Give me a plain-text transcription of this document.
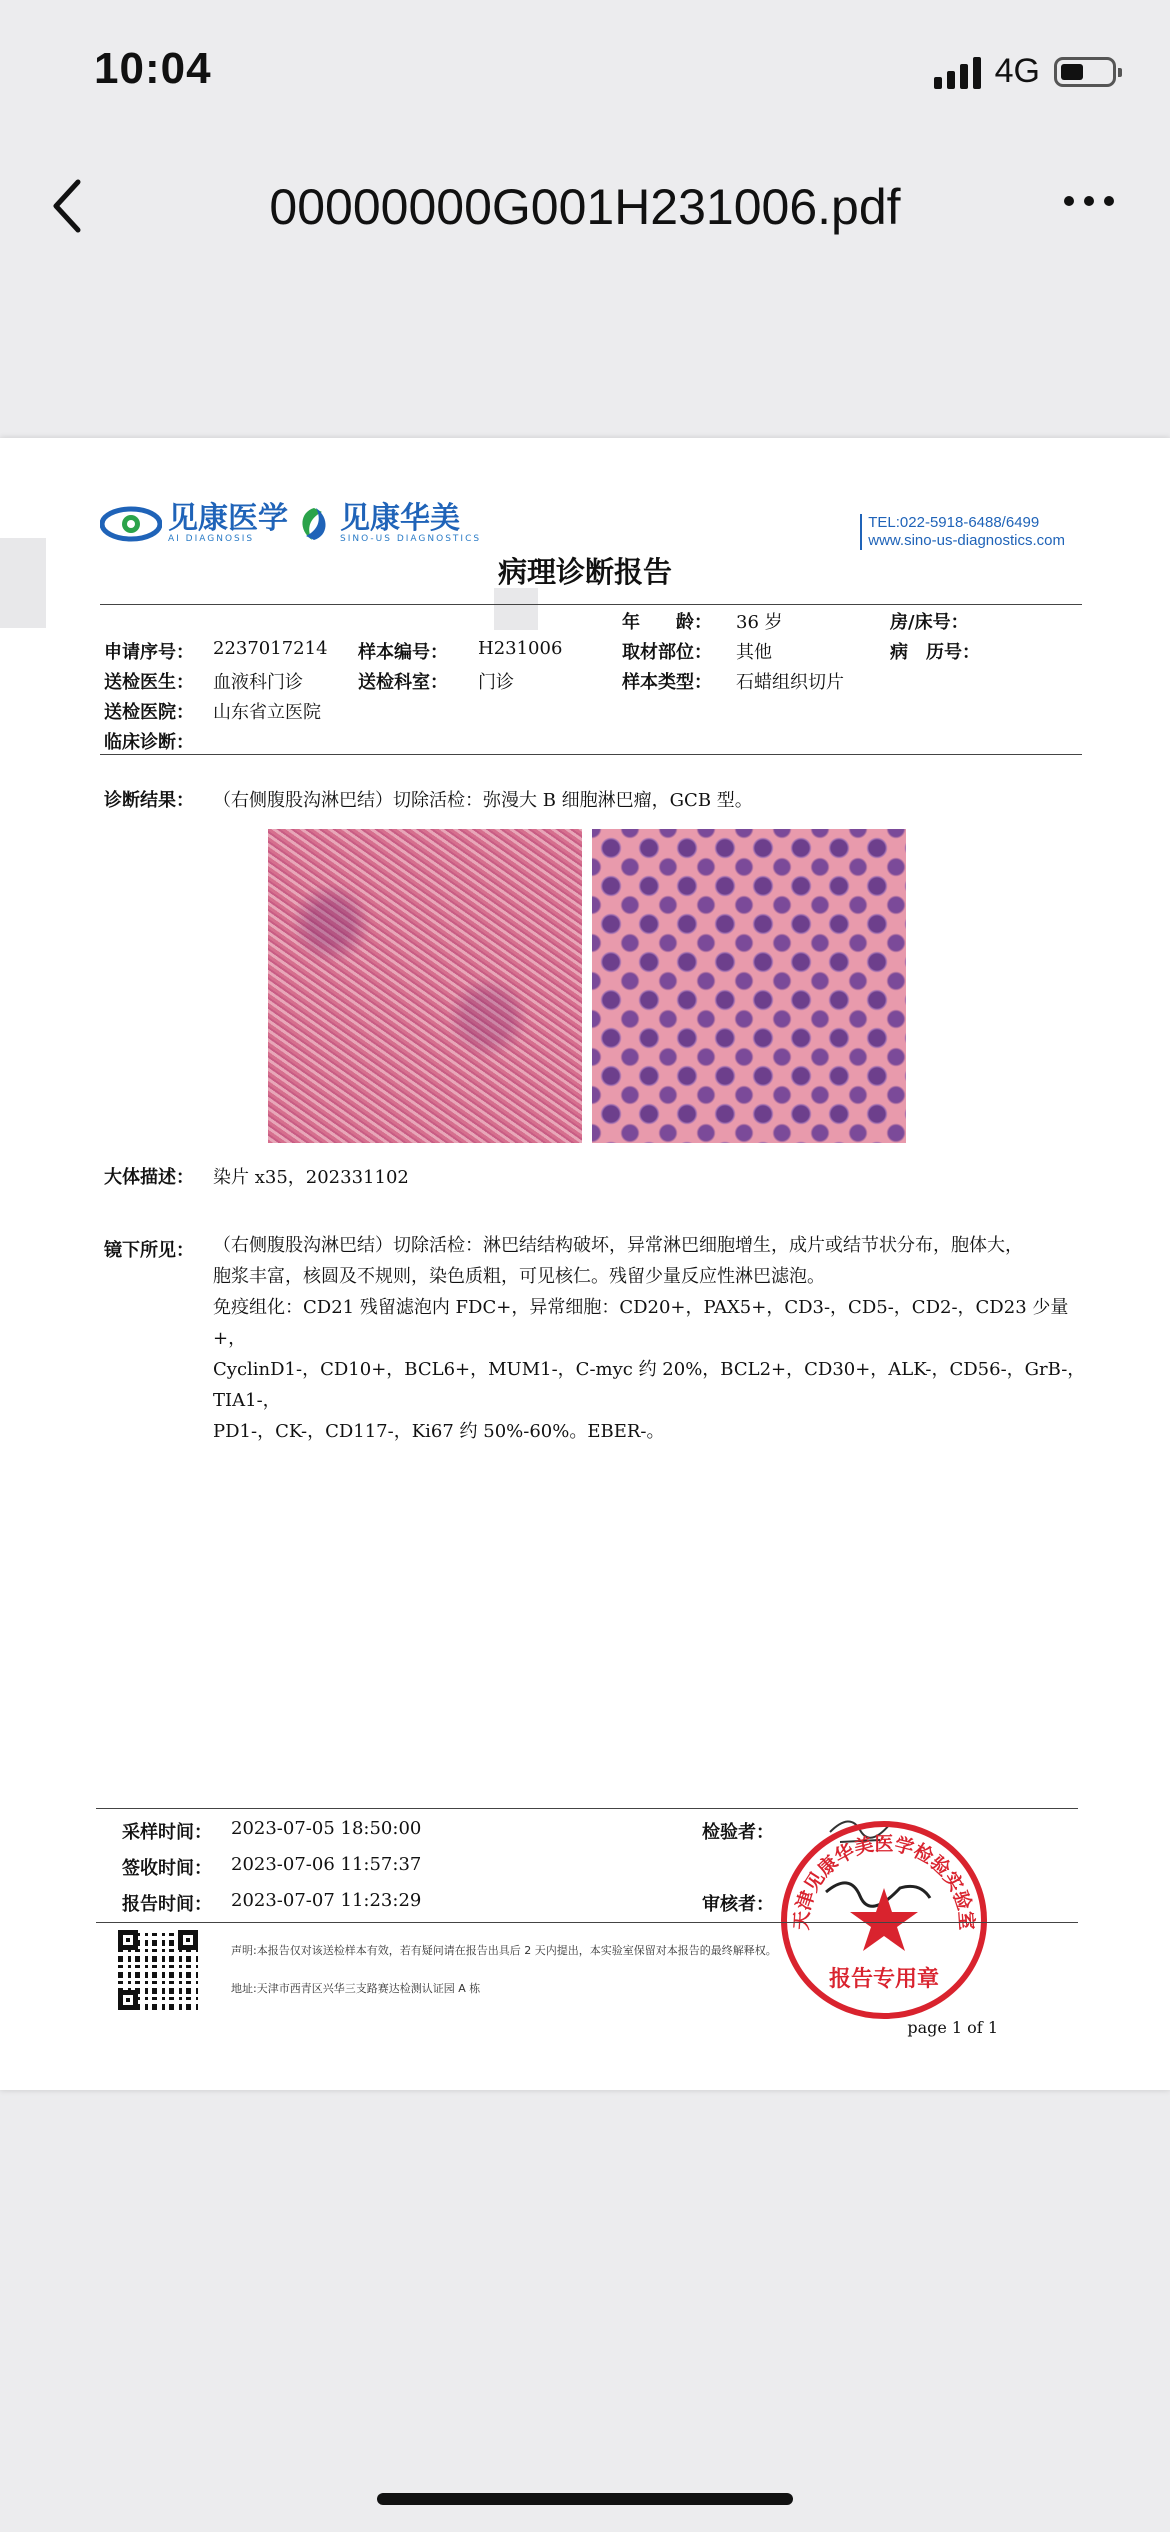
10:04	4G
00000000G001H231006.pdf
见康医学
AI DIAGNOSIS
见康华美
SINO-US DIAGNOSTICS
TEL:022-5918-6488/6499
www.sino-us-diagnostics.com
病理诊断报告
年　　龄： 36 岁	房/床号：
申请序号： 2237017214 样本编号： H231006	取材部位： 其他	病　历号：
送检医生： 血液科门诊	送检科室： 门诊	样本类型： 石蜡组织切片
送检医院： 山东省立医院
临床诊断：
诊断结果： （右侧腹股沟淋巴结）切除活检：弥漫大 B 细胞淋巴瘤，GCB 型。
大体描述： 染片 x35，202331102
镜下所见： （右侧腹股沟淋巴结）切除活检：淋巴结结构破坏，异常淋巴细胞增生，成片或结节状分布，胞体大，
胞浆丰富，核圆及不规则，染色质粗，可见核仁。残留少量反应性淋巴滤泡。
免疫组化：CD21 残留滤泡内 FDC+，异常细胞：CD20+，PAX5+，CD3-，CD5-，CD2-，CD23 少量+，
CyclinD1-，CD10+，BCL6+，MUM1-，C-myc 约 20%，BCL2+，CD30+，ALK-，CD56-，GrB-，TIA1-，
PD1-，CK-，CD117-，Ki67 约 50%-60%。EBER-。
采样时间： 2023-07-05 18:50:00
签收时间： 2023-07-06 11:57:37
报告时间： 2023-07-07 11:23:29
检验者：
审核者：
天津见康华美医学检验实验室
报告专用章
声明:本报告仅对该送检样本有效，若有疑问请在报告出具后 2 天内提出，本实验室保留对本报告的最终解释权。
地址:天津市西青区兴华三支路赛达检测认证园 A 栋
page 1 of 1
